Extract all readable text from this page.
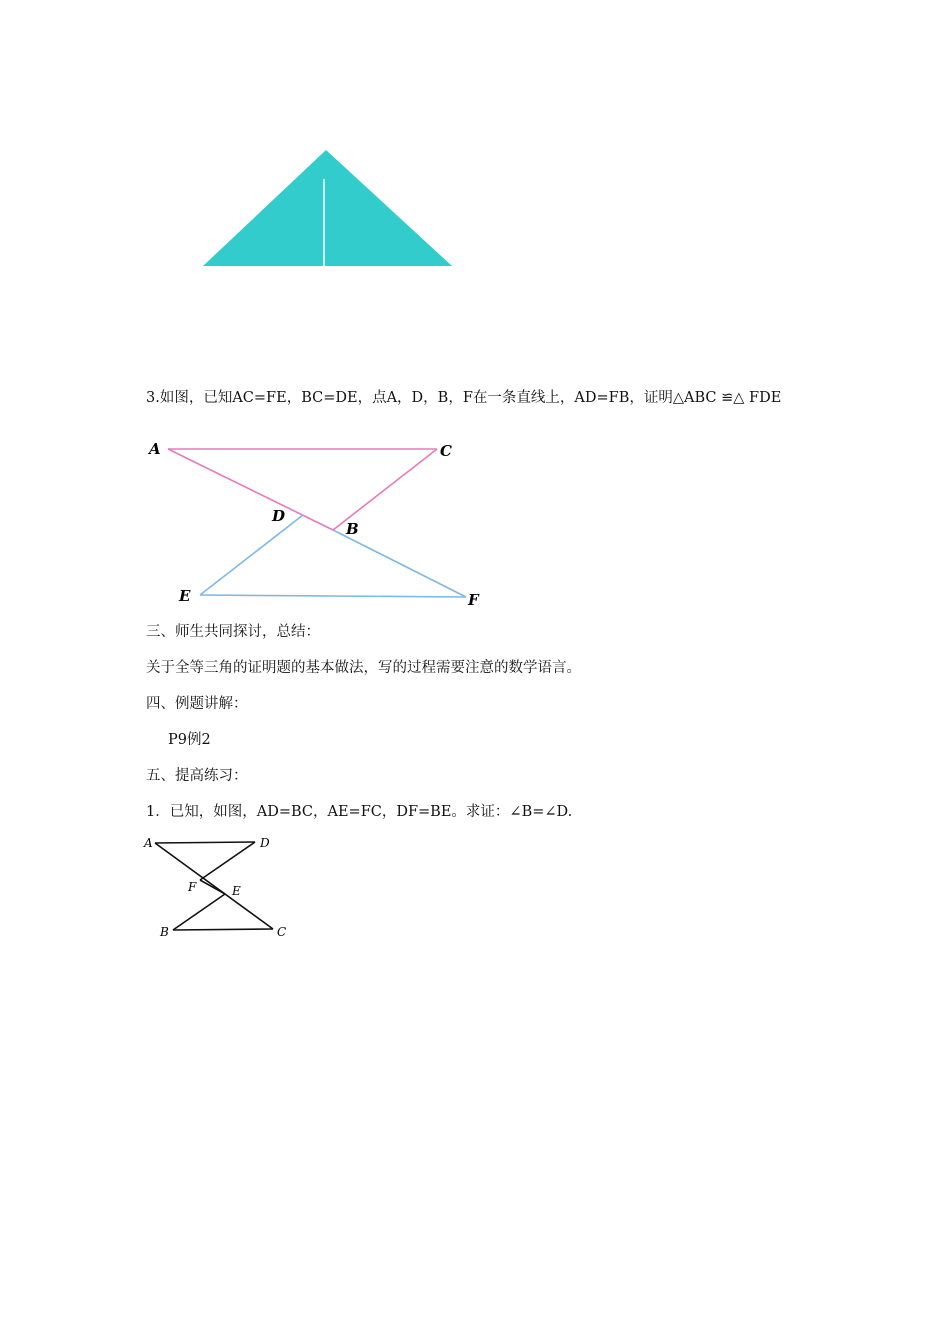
3.如图，已知AC=FE，BC=DE，点A，D，B，F在一条直线上，AD=FB，证明△ABC ≌△ FDE
A	C
D
B
E	F
三、师生共同探讨，总结：
关于全等三角的证明题的基本做法，写的过程需要注意的数学语言。
四、例题讲解：
P9例2
五、提高练习：
1．已知，如图，AD=BC，AE=FC，DF=BE。求证：∠B=∠D.
A	D
F	E
B	C
